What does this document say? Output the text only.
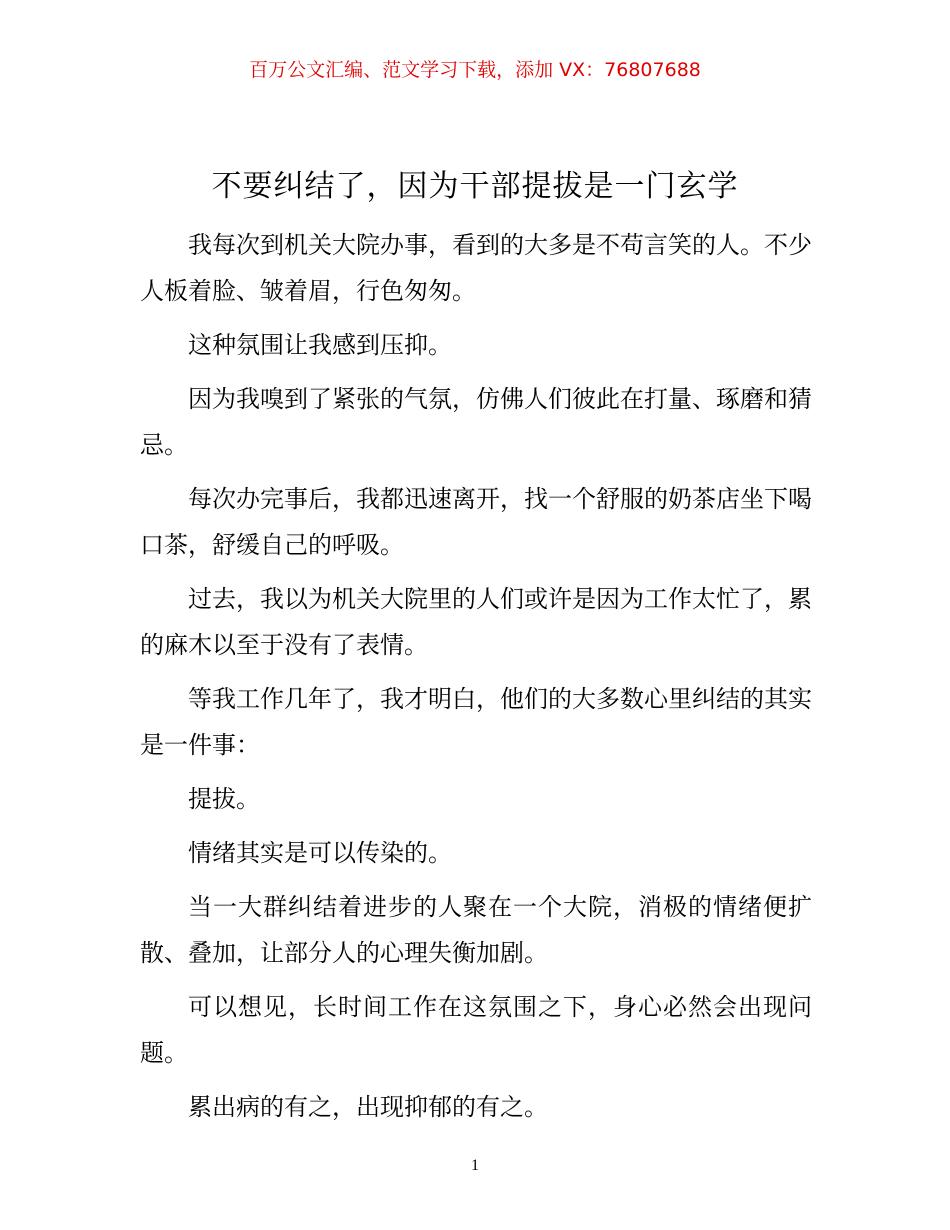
百万公文汇编、范文学习下载，添加 VX：76807688
不要纠结了，因为干部提拔是一门玄学

我每次到机关大院办事，看到的大多是不苟言笑的人。不少人板着脸、皱着眉，行色匆匆。

这种氛围让我感到压抑。

因为我嗅到了紧张的气氛，仿佛人们彼此在打量、琢磨和猜忌。

每次办完事后，我都迅速离开，找一个舒服的奶茶店坐下喝口茶，舒缓自己的呼吸。

过去，我以为机关大院里的人们或许是因为工作太忙了，累的麻木以至于没有了表情。

等我工作几年了，我才明白，他们的大多数心里纠结的其实是一件事：

提拔。

情绪其实是可以传染的。

当一大群纠结着进步的人聚在一个大院，消极的情绪便扩散、叠加，让部分人的心理失衡加剧。

可以想见，长时间工作在这氛围之下，身心必然会出现问题。

累出病的有之，出现抑郁的有之。

1
